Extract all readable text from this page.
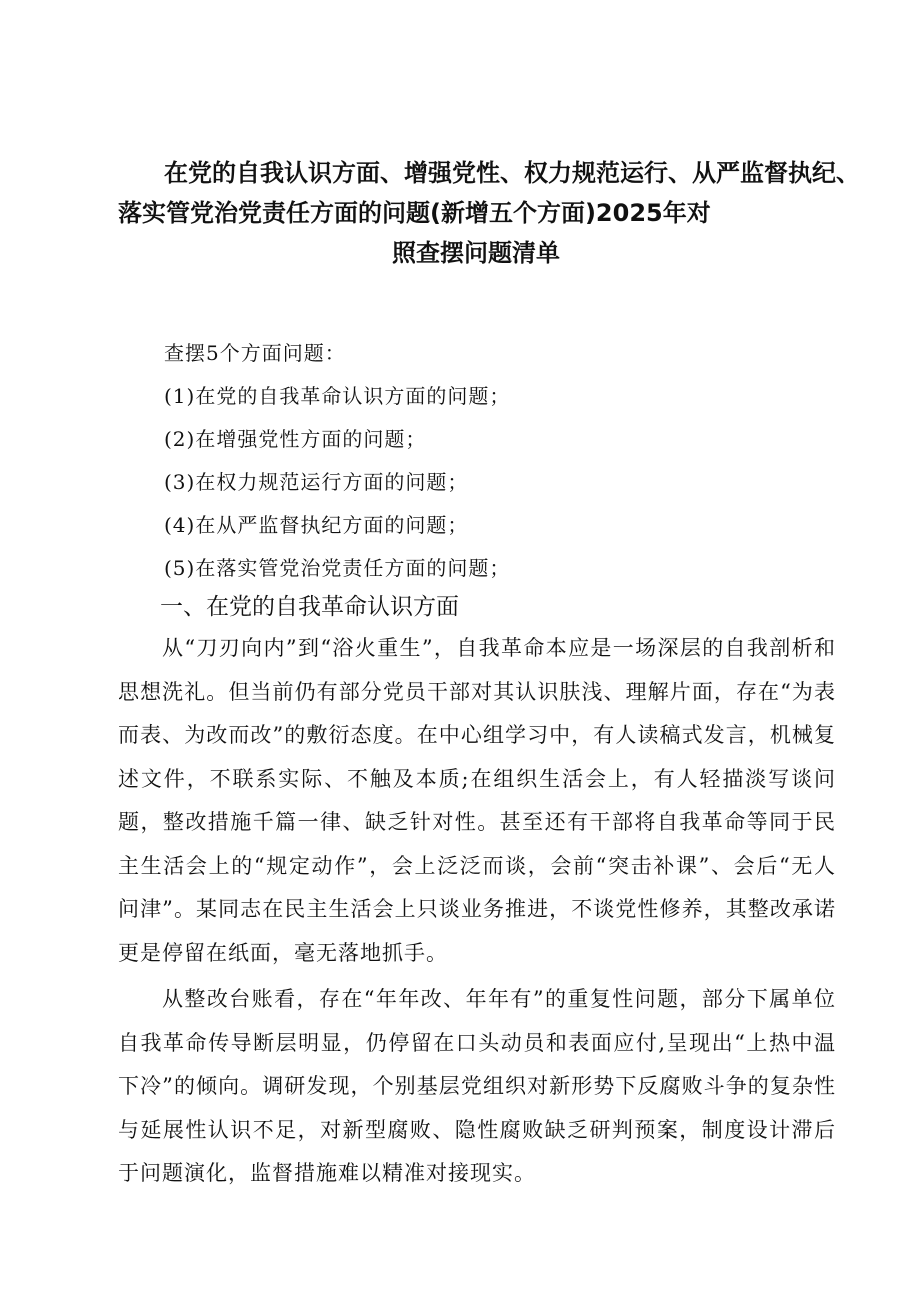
在党的自我认识方面、增强党性、权力规范运行、从严监督执纪、
落实管党治党责任方面的问题(新增五个方面)2025年对
照查摆问题清单
查摆5个方面问题：
(1)在党的自我革命认识方面的问题；
(2)在增强党性方面的问题；
(3)在权力规范运行方面的问题；
(4)在从严监督执纪方面的问题；
(5)在落实管党治党责任方面的问题；
一、在党的自我革命认识方面

从“刀刃向内”到“浴火重生”，自我革命本应是一场深层的自我剖析和思想洗礼。但当前仍有部分党员干部对其认识肤浅、理解片面，存在“为表而表、为改而改”的敷衍态度。在中心组学习中，有人读稿式发言，机械复述文件，不联系实际、不触及本质;在组织生活会上，有人轻描淡写谈问题，整改措施千篇一律、缺乏针对性。甚至还有干部将自我革命等同于民主生活会上的“规定动作”，会上泛泛而谈，会前“突击补课”、会后“无人问津”。某同志在民主生活会上只谈业务推进，不谈党性修养，其整改承诺更是停留在纸面，毫无落地抓手。

从整改台账看，存在“年年改、年年有”的重复性问题，部分下属单位自我革命传导断层明显，仍停留在口头动员和表面应付,呈现出“上热中温下冷”的倾向。调研发现，个别基层党组织对新形势下反腐败斗争的复杂性与延展性认识不足，对新型腐败、隐性腐败缺乏研判预案，制度设计滞后于问题演化，监督措施难以精准对接现实。
